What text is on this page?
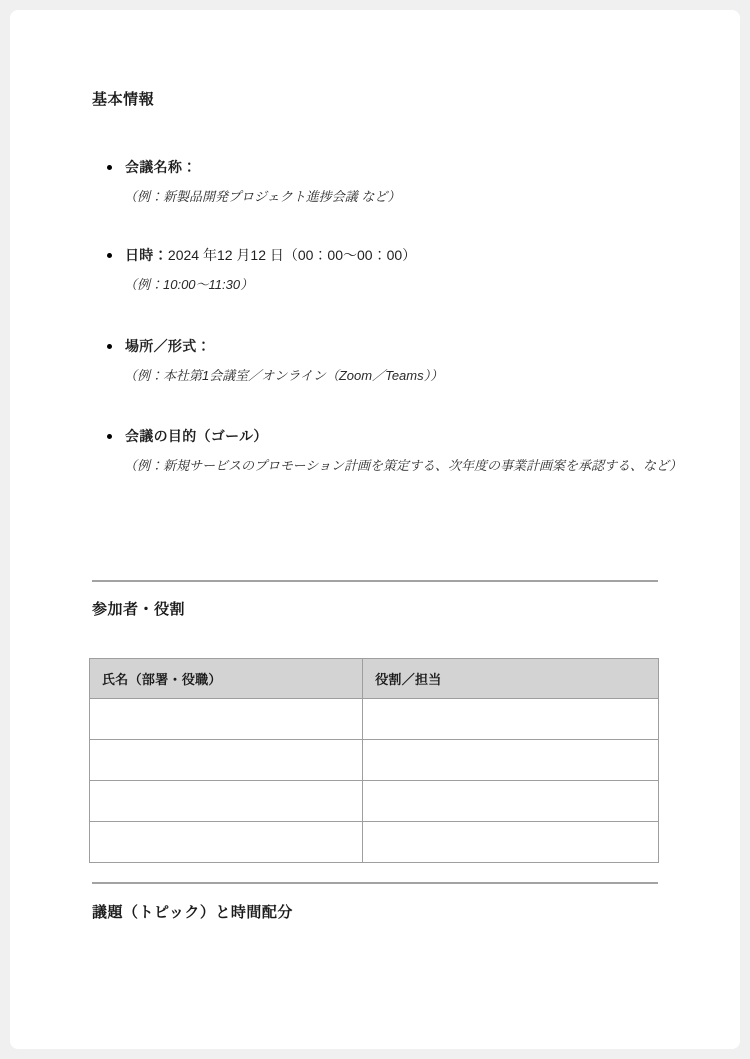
基本情報
会議名称：
（例：新製品開発プロジェクト進捗会議 など）
日時：2024 年12 月12 日（00：00～00：00）
（例：10:00～11:30）
場所／形式：
（例：本社第1会議室／オンライン（Zoom／Teams））
会議の目的（ゴール）
（例：新規サービスのプロモーション計画を策定する、次年度の事業計画案を承認する、など）
参加者・役割
氏名（部署・役職）	役割／担当

議題（トピック）と時間配分
